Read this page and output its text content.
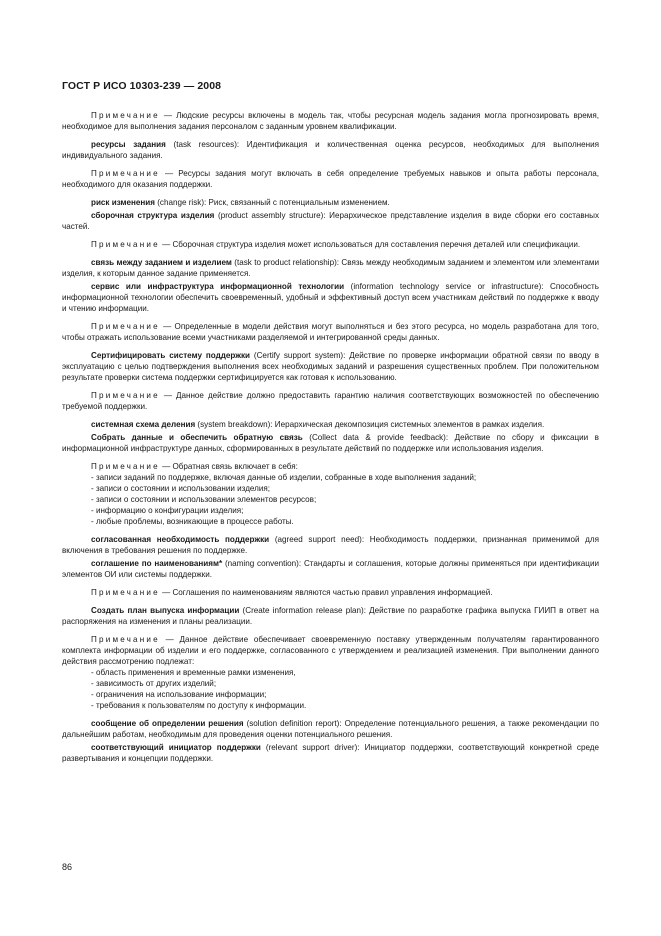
ГОСТ Р ИСО 10303-239 — 2008

Примечание — Людские ресурсы включены в модель так, чтобы ресурсная модель задания могла прогнозировать время, необходимое для выполнения задания персоналом с заданным уровнем квалификации.

ресурсы задания (task resources): Идентификация и количественная оценка ресурсов, необходимых для выполнения индивидуального задания.

Примечание — Ресурсы задания могут включать в себя определение требуемых навыков и опыта работы персонала, необходимого для оказания поддержки.

риск изменения (change risk): Риск, связанный с потенциальным изменением.

сборочная структура изделия (product assembly structure): Иерархическое представление изделия в виде сборки его составных частей.

Примечание — Сборочная структура изделия может использоваться для составления перечня деталей или спецификации.

связь между заданием и изделием (task to product relationship): Связь между необходимым заданием и элементом или элементами изделия, к которым данное задание применяется.

сервис или инфраструктура информационной технологии (information technology service or infrastructure): Способность информационной технологии обеспечить своевременный, удобный и эффективный доступ всем участникам действий по поддержке к вводу и чтению информации.

Примечание — Определенные в модели действия могут выполняться и без этого ресурса, но модель разработана для того, чтобы отражать использование всеми участниками разделяемой и интегрированной среды данных.

Сертифицировать систему поддержки (Certify support system): Действие по проверке информации обратной связи по вводу в эксплуатацию с целью подтверждения выполнения всех необходимых заданий и разрешения существенных проблем. При положительном результате проверки система поддержки сертифицируется как готовая к использованию.

Примечание — Данное действие должно предоставить гарантию наличия соответствующих возможностей по обеспечению требуемой поддержки.

системная схема деления (system breakdown): Иерархическая декомпозиция системных элементов в рамках изделия.

Собрать данные и обеспечить обратную связь (Collect data & provide feedback): Действие по сбору и фиксации в информационной инфраструктуре данных, сформированных в результате действий по поддержке или использования изделия.

Примечание — Обратная связь включает в себя:

- записи заданий по поддержке, включая данные об изделии, собранные в ходе выполнения заданий;
- записи о состоянии и использовании изделия;
- записи о состоянии и использовании элементов ресурсов;
- информацию о конфигурации изделия;
- любые проблемы, возникающие в процессе работы.

согласованная необходимость поддержки (agreed support need): Необходимость поддержки, признанная применимой для включения в требования решения по поддержке.

соглашение по наименованиям* (naming convention): Стандарты и соглашения, которые должны применяться при идентификации элементов ОИ или системы поддержки.

Примечание — Соглашения по наименованиям являются частью правил управления информацией.

Создать план выпуска информации (Create information release plan): Действие по разработке графика выпуска ГИИП в ответ на распоряжения на изменения и планы реализации.

Примечание — Данное действие обеспечивает своевременную поставку утвержденным получателям гарантированного комплекта информации об изделии и его поддержке, согласованного с утверждением и реализацией изменения. При выполнении данного действия рассмотрению подлежат:

- область применения и временные рамки изменения,
- зависимость от других изделий;
- ограничения на использование информации;
- требования к пользователям по доступу к информации.

сообщение об определении решения (solution definition report): Определение потенциального решения, а также рекомендации по дальнейшим работам, необходимым для проведения оценки потенциального решения.

соответствующий инициатор поддержки (relevant support driver): Инициатор поддержки, соответствующий конкретной среде развертывания и концепции поддержки.

86
